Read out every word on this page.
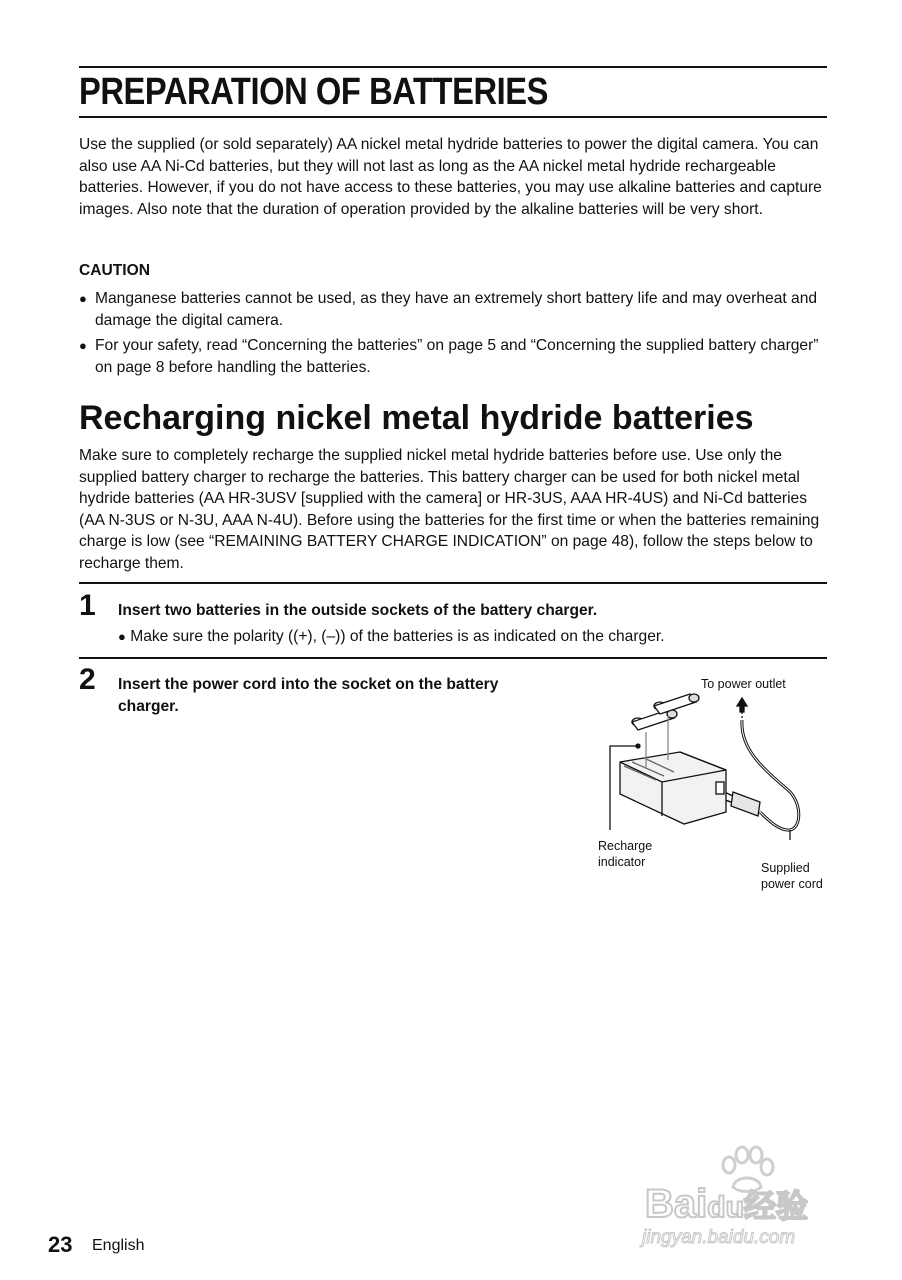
PREPARATION OF BATTERIES

Use the supplied (or sold separately) AA nickel metal hydride batteries to power the digital camera. You can also use AA Ni-Cd batteries, but they will not last as long as the AA nickel metal hydride rechargeable batteries. However, if you do not have access to these batteries, you may use alkaline batteries and capture images. Also note that the duration of operation provided by the alkaline batteries will be very short.

CAUTION
● Manganese batteries cannot be used, as they have an extremely short battery life and may overheat and damage the digital camera.
● For your safety, read “Concerning the batteries” on page 5 and “Concerning the supplied battery charger” on page 8 before handling the batteries.
Recharging nickel metal hydride batteries

Make sure to completely recharge the supplied nickel metal hydride batteries before use. Use only the supplied battery charger to recharge the batteries. This battery charger can be used for both nickel metal hydride batteries (AA HR-3USV [supplied with the camera] or HR-3US, AAA HR-4US) and Ni-Cd batteries (AA N-3US or N-3U, AAA N-4U). Before using the batteries for the first time or when the batteries remaining charge is low (see “REMAINING BATTERY CHARGE INDICATION” on page 48), follow the steps below to recharge them.

1 Insert two batteries in the outside sockets of the battery charger.
● Make sure the polarity ((+), (–)) of the batteries is as indicated on the charger.
2 Insert the power cord into the socket on the battery charger.
To power outlet
Recharge indicator	Supplied power cord
23 English
Baidu经验
jingyan.baidu.com
